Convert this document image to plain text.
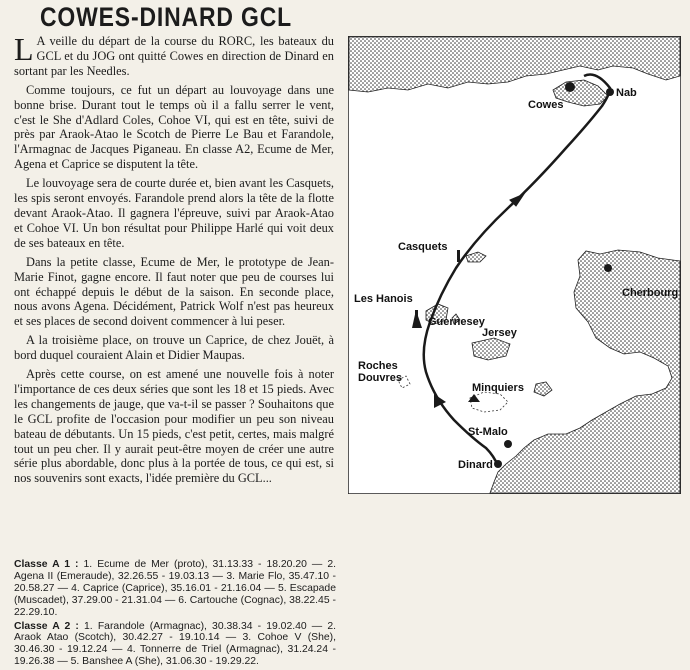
COWES-DINARD GCL

L A veille du départ de la course du RORC, les bateaux du GCL et du JOG ont quitté Cowes en direction de Dinard en sortant par les Needles.

Comme toujours, ce fut un départ au louvoyage dans une bonne brise. Durant tout le temps où il a fallu serrer le vent, c'est le She d'Adlard Coles, Cohoe VI, qui est en tête, suivi de près par Araok-Atao le Scotch de Pierre Le Bau et Farandole, l'Armagnac de Jacques Piganeau. En classe A2, Ecume de Mer, Agena et Caprice se disputent la tête.

Le louvoyage sera de courte durée et, bien avant les Casquets, les spis seront envoyés. Farandole prend alors la tête de la flotte devant Araok-Atao. Il gagnera l'épreuve, suivi par Araok-Atao et Cohoe VI. Un bon résultat pour Philippe Harlé qui voit deux de ses bateaux en tête.

Dans la petite classe, Ecume de Mer, le prototype de Jean-Marie Finot, gagne encore. Il faut noter que peu de courses lui ont échappé depuis le début de la saison. En seconde place, nous avons Agena. Décidément, Patrick Wolf n'est pas heureux et ses places de second doivent commencer à lui peser.

A la troisième place, on trouve un Caprice, de chez Jouët, à bord duquel couraient Alain et Didier Maupas.

Après cette course, on est amené une nouvelle fois à noter l'importance de ces deux séries que sont les 18 et 15 pieds. Avec les changements de jauge, que va-t-il se passer ? Souhaitons que le GCL profite de l'occasion pour modifier un peu son niveau bateau de débutants. Un 15 pieds, c'est petit, certes, mais malgré tout un peu cher. Il y aurait peut-être moyen de créer une autre série plus abordable, donc plus à la portée de tous, ce qui est, si nos souvenirs sont exacts, l'idée première du GCL...

Classe A 1 : 1. Ecume de Mer (proto), 31.13.33 - 18.20.20 — 2. Agena II (Emeraude), 32.26.55 - 19.03.13 — 3. Marie Flo, 35.47.10 - 20.58.27 — 4. Caprice (Caprice), 35.16.01 - 21.16.04 — 5. Escapade (Muscadet), 37.29.00 - 21.31.04 — 6. Cartouche (Cognac), 38.22.45 - 22.29.10.

Classe A 2 : 1. Farandole (Armagnac), 30.38.34 - 19.02.40 — 2. Araok Atao (Scotch), 30.42.27 - 19.10.14 — 3. Cohoe V (She), 30.46.30 - 19.12.24 — 4. Tonnerre de Triel (Armagnac), 31.24.24 - 19.26.38 — 5. Banshee A (She), 31.06.30 - 19.29.22.

Cowes
Nab
Casquets
Cherbourg
Les Hanois
Guernesey
Jersey
Roches
Douvres
Minquiers
St-Malo
Dinard
